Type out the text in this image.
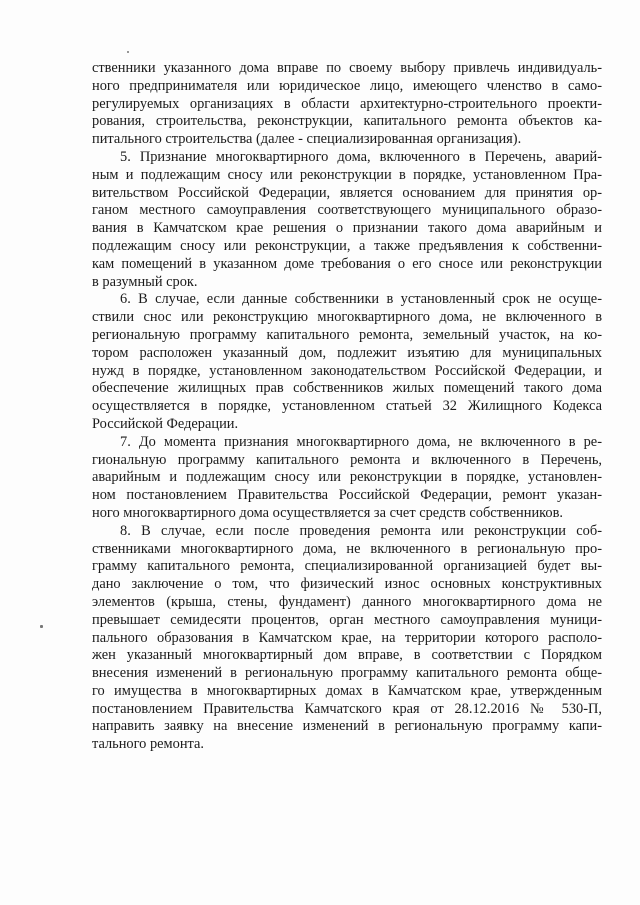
ственники указанного дома вправе по своему выбору привлечь индивидуаль-
ного предпринимателя или юридическое лицо, имеющего членство в само-
регулируемых организациях в области архитектурно-строительного проекти-
рования, строительства, реконструкции, капитального ремонта объектов ка-
питального строительства (далее - специализированная организация).
5. Признание многоквартирного дома, включенного в Перечень, аварий-
ным и подлежащим сносу или реконструкции в порядке, установленном Пра-
вительством Российской Федерации, является основанием для принятия ор-
ганом местного самоуправления соответствующего муниципального образо-
вания в Камчатском крае решения о признании такого дома аварийным и
подлежащим сносу или реконструкции, а также предъявления к собственни-
кам помещений в указанном доме требования о его сносе или реконструкции
в разумный срок.
6. В случае, если данные собственники в установленный срок не осуще-
ствили снос или реконструкцию многоквартирного дома, не включенного в
региональную программу капитального ремонта, земельный участок, на ко-
тором расположен указанный дом, подлежит изъятию для муниципальных
нужд в порядке, установленном законодательством Российской Федерации, и
обеспечение жилищных прав собственников жилых помещений такого дома
осуществляется в порядке, установленном статьей 32 Жилищного Кодекса
Российской Федерации.
7. До момента признания многоквартирного дома, не включенного в ре-
гиональную программу капитального ремонта и включенного в Перечень,
аварийным и подлежащим сносу или реконструкции в порядке, установлен-
ном постановлением Правительства Российской Федерации, ремонт указан-
ного многоквартирного дома осуществляется за счет средств собственников.
8. В случае, если после проведения ремонта или реконструкции соб-
ственниками многоквартирного дома, не включенного в региональную про-
грамму капитального ремонта, специализированной организацией будет вы-
дано заключение о том, что физический износ основных конструктивных
элементов (крыша, стены, фундамент) данного многоквартирного дома не
превышает семидесяти процентов, орган местного самоуправления муници-
пального образования в Камчатском крае, на территории которого располо-
жен указанный многоквартирный дом вправе, в соответствии с Порядком
внесения изменений в региональную программу капитального ремонта обще-
го имущества в многоквартирных домах в Камчатском крае, утвержденным
постановлением Правительства Камчатского края от 28.12.2016 № 530-П,
направить заявку на внесение изменений в региональную программу капи-
тального ремонта.
